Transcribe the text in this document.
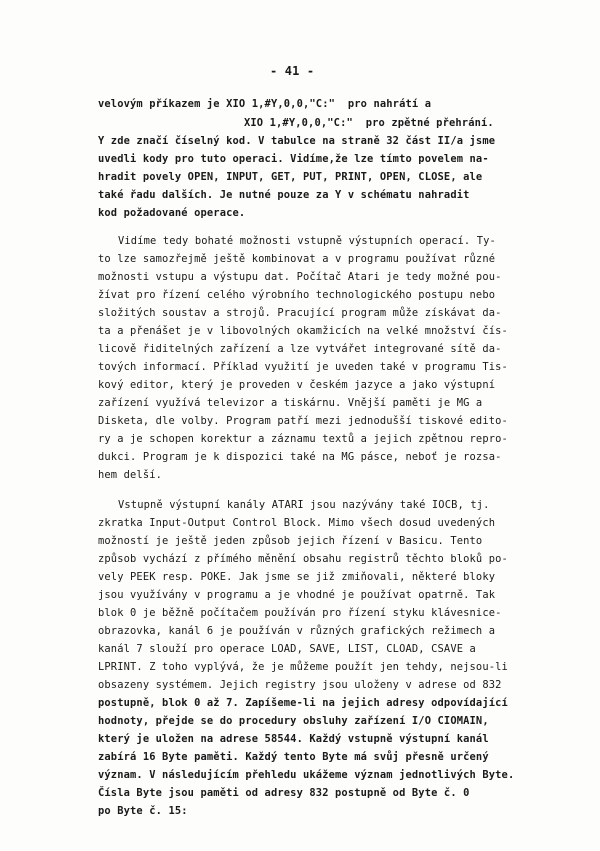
- 41 -
velovým příkazem je XIO 1,#Y,0,0,"C:"  pro nahrátí a
XIO 1,#Y,0,0,"C:"  pro zpětné přehrání.
Y zde značí číselný kod. V tabulce na straně 32 část II/a jsme
uvedli kody pro tuto operaci. Vidíme,že lze tímto povelem na-
hradit povely OPEN, INPUT, GET, PUT, PRINT, OPEN, CLOSE, ale
také řadu dalších. Je nutné pouze za Y v schématu nahradit
kod požadované operace.
Vidíme tedy bohaté možnosti vstupně výstupních operací. Ty-
to lze samozřejmě ještě kombinovat a v programu používat různé
možnosti vstupu a výstupu dat. Počítač Atari je tedy možné pou-
žívat pro řízení celého výrobního technologického postupu nebo
složitých soustav a strojů. Pracující program může získávat da-
ta a přenášet je v libovolných okamžicích na velké množství čís-
licově řiditelných zařízení a lze vytvářet integrované sítě da-
tových informací. Příklad využití je uveden také v programu Tis-
kový editor, který je proveden v českém jazyce a jako výstupní
zařízení využívá televizor a tiskárnu. Vnější paměti je MG a
Disketa, dle volby. Program patří mezi jednodušší tiskové edito-
ry a je schopen korektur a záznamu textů a jejich zpětnou repro-
dukci. Program je k dispozici také na MG pásce, neboť je rozsa-
hem delší.
Vstupně výstupní kanály ATARI jsou nazývány také IOCB, tj.
zkratka Input-Output Control Block. Mimo všech dosud uvedených
možností je ještě jeden způsob jejich řízení v Basicu. Tento
způsob vychází z přímého měnění obsahu registrů těchto bloků po-
vely PEEK resp. POKE. Jak jsme se již zmiňovali, některé bloky
jsou využívány v programu a je vhodné je používat opatrně. Tak
blok 0 je běžně počítačem používán pro řízení styku klávesnice-
obrazovka, kanál 6 je používán v různých grafických režimech a
kanál 7 slouží pro operace LOAD, SAVE, LIST, CLOAD, CSAVE a
LPRINT. Z toho vyplývá, že je můžeme použít jen tehdy, nejsou-li
obsazeny systémem. Jejich registry jsou uloženy v adrese od 832
postupně, blok 0 až 7. Zapíšeme-li na jejich adresy odpovídající
hodnoty, přejde se do procedury obsluhy zařízení I/O CIOMAIN,
který je uložen na adrese 58544. Každý vstupně výstupní kanál
zabírá 16 Byte paměti. Každý tento Byte má svůj přesně určený
význam. V následujícím přehledu ukážeme význam jednotlivých Byte.
Čísla Byte jsou paměti od adresy 832 postupně od Byte č. 0
po Byte č. 15:
